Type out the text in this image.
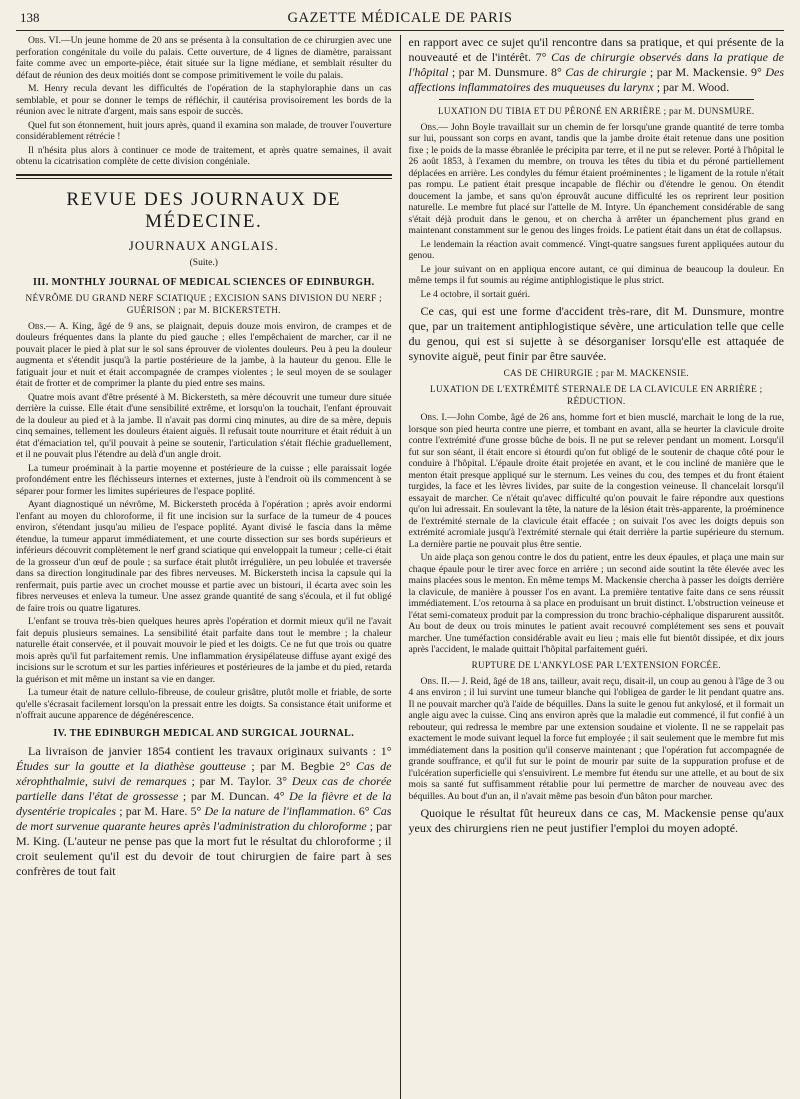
138	GAZETTE MÉDICALE DE PARIS

Obs. VI.—Un jeune homme de 20 ans se présenta à la consultation de ce chirurgien avec une perforation congénitale du voile du palais. Cette ouverture, de 4 lignes de diamètre, paraissant faite comme avec un emporte-pièce, était située sur la ligne médiane, et semblait résulter du défaut de réunion des deux moitiés dont se compose primitivement le voile du palais.

M. Henry recula devant les difficultés de l'opération de la staphyloraphie dans un cas semblable, et pour se donner le temps de réfléchir, il cautérisa provisoirement les bords de la réunion avec le nitrate d'argent, mais sans espoir de succès.

Quel fut son étonnement, huit jours après, quand il examina son malade, de trouver l'ouverture considérablement rétrécie !

Il n'hésita plus alors à continuer ce mode de traitement, et après quatre semaines, il avait obtenu la cicatrisation complète de cette division congéniale.

REVUE DES JOURNAUX DE MÉDECINE.
JOURNAUX ANGLAIS.
(Suite.)
III. MONTHLY JOURNAL OF MEDICAL SCIENCES OF EDINBURGH.
NÉVRÔME DU GRAND NERF SCIATIQUE ; EXCISION SANS DIVISION DU NERF ; GUÉRISON ; par M. BICKERSTETH.

Obs.— A. King, âgé de 9 ans, se plaignait, depuis douze mois environ, de crampes et de douleurs fréquentes dans la plante du pied gauche ; elles l'empêchaient de marcher, car il ne pouvait placer le pied à plat sur le sol sans éprouver de violentes douleurs. Peu à peu la douleur augmenta et s'étendit jusqu'à la partie postérieure de la jambe, à la hauteur du genou. Elle le fatiguait jour et nuit et était accompagnée de crampes violentes ; le seul moyen de se soulager était de frotter et de comprimer la plante du pied entre ses mains.

Quatre mois avant d'être présenté à M. Bickersteth, sa mère découvrit une tumeur dure située derrière la cuisse. Elle était d'une sensibilité extrême, et lorsqu'on la touchait, l'enfant éprouvait de la douleur au pied et à la jambe. Il n'avait pas dormi cinq minutes, au dire de sa mère, depuis cinq semaines, tellement les douleurs étaient aiguës. Il refusait toute nourriture et était réduit à un état d'émaciation tel, qu'il pouvait à peine se soutenir, l'articulation s'était fléchie graduellement, et il ne pouvait plus l'étendre au delà d'un angle droit.

La tumeur proéminait à la partie moyenne et postérieure de la cuisse ; elle paraissait logée profondément entre les fléchisseurs internes et externes, juste à l'endroit où ils commencent à se séparer pour former les limites supérieures de l'espace poplité.

Ayant diagnostiqué un névrôme, M. Bickersteth procéda à l'opération ; après avoir endormi l'enfant au moyen du chloroforme, il fit une incision sur la surface de la tumeur de 4 pouces environ, s'étendant jusqu'au milieu de l'espace poplité. Ayant divisé le fascia dans la même étendue, la tumeur apparut immédiatement, et une courte dissection sur ses bords supérieurs et inférieurs découvrit complètement le nerf grand sciatique qui enveloppait la tumeur ; celle-ci était de la grosseur d'un œuf de poule ; sa surface était plutôt irrégulière, un peu lobulée et traversée dans sa direction longitudinale par des fibres nerveuses. M. Bickersteth incisa la capsule qui la renfermait, puis partie avec un crochet mousse et partie avec un bistouri, il écarta avec soin les fibres nerveuses et enleva la tumeur. Une assez grande quantité de sang s'écoula, et il fut obligé de faire trois ou quatre ligatures.

L'enfant se trouva très-bien quelques heures après l'opération et dormit mieux qu'il ne l'avait fait depuis plusieurs semaines. La sensibilité était parfaite dans tout le membre ; la chaleur naturelle était conservée, et il pouvait mouvoir le pied et les doigts. Ce ne fut que trois ou quatre mois après qu'il fut parfaitement remis. Une inflammation érysipélateuse diffuse ayant exigé des incisions sur le scrotum et sur les parties inférieures et postérieures de la jambe et du pied, retarda la guérison et mit même un instant sa vie en danger.

La tumeur était de nature cellulo-fibreuse, de couleur grisâtre, plutôt molle et friable, de sorte qu'elle s'écrasait facilement lorsqu'on la pressait entre les doigts. Sa consistance était uniforme et n'offrait aucune apparence de dégénérescence.

IV. THE EDINBURGH MEDICAL AND SURGICAL JOURNAL.

La livraison de janvier 1854 contient les travaux originaux suivants : 1° Études sur la goutte et la diathèse goutteuse ; par M. Begbie 2° Cas de xérophthalmie, suivi de remarques ; par M. Taylor. 3° Deux cas de chorée partielle dans l'état de grossesse ; par M. Duncan. 4° De la fièvre et de la dysentérie tropicales ; par M. Hare. 5° De la nature de l'inflammation. 6° Cas de mort survenue quarante heures après l'administration du chloroforme ; par M. King. (L'auteur ne pense pas que la mort fut le résultat du chloroforme ; il croit seulement qu'il est du devoir de tout chirurgien de faire part à ses confrères de tout fait

en rapport avec ce sujet qu'il rencontre dans sa pratique, et qui présente de la nouveauté et de l'intérêt. 7° Cas de chirurgie observés dans la pratique de l'hôpital ; par M. Dunsmure. 8° Cas de chirurgie ; par M. Mackensie. 9° Des affections inflammatoires des muqueuses du larynx ; par M. Wood.

LUXATION DU TIBIA ET DU PÉRONÉ EN ARRIÈRE ; par M. DUNSMURE.

Obs.— John Boyle travaillait sur un chemin de fer lorsqu'une grande quantité de terre tomba sur lui, poussant son corps en avant, tandis que la jambe droite était retenue dans une position fixe ; le poids de la masse ébranlée le précipita par terre, et il ne put se relever. Porté à l'hôpital le 26 août 1853, à l'examen du membre, on trouva les têtes du tibia et du péroné partiellement déplacées en arrière. Les condyles du fémur étaient proéminentes ; le ligament de la rotule n'était pas rompu. Le patient était presque incapable de fléchir ou d'étendre le genou. On étendit doucement la jambe, et sans qu'on éprouvât aucune difficulté les os reprirent leur position naturelle. Le membre fut placé sur l'attelle de M. Intyre. Un épanchement considérable de sang s'était déjà produit dans le genou, et on chercha à arrêter un épanchement plus grand en maintenant constamment sur le genou des linges froids. Le patient était dans un état de collapsus.

Le lendemain la réaction avait commencé. Vingt-quatre sangsues furent appliquées autour du genou.

Le jour suivant on en appliqua encore autant, ce qui diminua de beaucoup la douleur. En même temps il fut soumis au régime antiphlogistique le plus strict.

Le 4 octobre, il sortait guéri.

Ce cas, qui est une forme d'accident très-rare, dit M. Dunsmure, montre que, par un traitement antiphlogistique sévère, une articulation telle que celle du genou, qui est si sujette à se désorganiser lorsqu'elle est attaquée de synovite aiguë, peut finir par être sauvée.

CAS DE CHIRURGIE ; par M. MACKENSIE.
LUXATION DE L'EXTRÉMITÉ STERNALE DE LA CLAVICULE EN ARRIÈRE ; RÉDUCTION.

Obs. I.—John Combe, âgé de 26 ans, homme fort et bien musclé, marchait le long de la rue, lorsque son pied heurta contre une pierre, et tombant en avant, alla se heurter la clavicule droite contre l'extrémité d'une grosse bûche de bois. Il ne put se relever pendant un moment. Lorsqu'il fut sur son séant, il était encore si étourdi qu'on fut obligé de le soutenir de chaque côté pour le conduire à l'hôpital. L'épaule droite était projetée en avant, et le cou incliné de manière que le menton était presque appliqué sur le sternum. Les veines du cou, des tempes et du front étaient turgides, la face et les lèvres livides, par suite de la congestion veineuse. Il chancelait lorsqu'il essayait de marcher. Ce n'était qu'avec difficulté qu'on pouvait le faire répondre aux questions qu'on lui adressait. En soulevant la tête, la nature de la lésion était très-apparente, la proéminence de l'extrémité sternale de la clavicule était effacée ; on suivait l'os avec les doigts depuis son extrémité acromiale jusqu'à l'extrémité sternale qui était derrière la partie supérieure du sternum. La dernière partie ne pouvait plus être sentie.

Un aide plaça son genou contre le dos du patient, entre les deux épaules, et plaça une main sur chaque épaule pour le tirer avec force en arrière ; un second aide soutint la tête élevée avec les mains placées sous le menton. En même temps M. Mackensie chercha à passer les doigts derrière la clavicule, de manière à pousser l'os en avant. La première tentative faite dans ce sens réussit immédiatement. L'os retourna à sa place en produisant un bruit distinct. L'obstruction veineuse et l'état semi-comateux produit par la compression du tronc brachio-céphalique disparurent aussitôt. Au bout de deux ou trois minutes le patient avait recouvré complétement ses sens et pouvait marcher. Une tuméfaction considérable avait eu lieu ; mais elle fut bientôt dissipée, et dix jours après l'accident, le malade quittait l'hôpital parfaitement guéri.

RUPTURE DE L'ANKYLOSE PAR L'EXTENSION FORCÉE.

Obs. II.— J. Reid, âgé de 18 ans, tailleur, avait reçu, disait-il, un coup au genou à l'âge de 3 ou 4 ans environ ; il lui survint une tumeur blanche qui l'obligea de garder le lit pendant quatre ans. Il ne pouvait marcher qu'à l'aide de béquilles. Dans la suite le genou fut ankylosé, et il formait un angle aigu avec la cuisse. Cinq ans environ après que la maladie eut commencé, il fut confié à un rebouteur, qui redressa le membre par une extension soudaine et violente. Il ne se rappelait pas exactement le mode suivant lequel la force fut employée ; il sait seulement que le membre fut mis immédiatement dans la position qu'il conserve maintenant ; que l'opération fut accompagnée de grande souffrance, et qu'il fut sur le point de mourir par suite de la suppuration profuse et de l'ulcération superficielle qui s'ensuivirent. Le membre fut étendu sur une attelle, et au bout de six mois sa santé fut suffisamment rétablie pour lui permettre de marcher de nouveau avec des béquilles. Au bout d'un an, il n'avait même pas besoin d'un bâton pour marcher.

Quoique le résultat fût heureux dans ce cas, M. Mackensie pense qu'aux yeux des chirurgiens rien ne peut justifier l'emploi du moyen adopté.
